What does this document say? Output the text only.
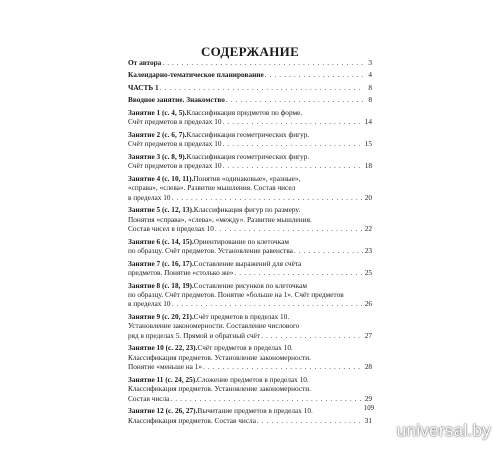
СОДЕРЖАНИЕ
От автора . . .	3
Календарно-тематическое планирование . . .	4
ЧАСТЬ 1 . . .	8
Вводное занятие. Знакомство . . .	8
Занятие 1 (с. 4, 5). Классификация предметов по форме.
Счёт предметов в пределах 10 . . .	14
Занятие 2 (с. 6, 7). Классификация геометрических фигур.
Счёт предметов в пределах 10 . . .	15
Занятие 3 (с. 8, 9). Классификация геометрических фигур.
Счёт предметов в пределах 10 . . .	18
Занятие 4 (с. 10, 11). Понятия «одинаковые», «разные»,
«справа», «слева». Развитие мышления. Состав чисел
в пределах 10 . . .	20
Занятие 5 (с. 12, 13). Классификация фигур по размеру.
Понятия «справа», «слева», «между». Развитие мышления.
Состав чисел в пределах 10 . . .	22
Занятие 6 (с. 14, 15). Ориентирование по клеточкам
по образцу. Счёт предметов. Установление равенства . . .	23
Занятие 7 (с. 16, 17). Составление выражений для счёта
предметов. Понятие «столько же» . . .	25
Занятие 8 (с. 18, 19). Составление рисунков по клеточкам
по образцу. Счёт предметов. Понятие «больше на 1». Счёт предметов
в пределах 10 . . .	26
Занятие 9 (с. 20, 21). Счёт предметов в пределах 10.
Установление закономерности. Составление числового
ряд в пределах 5. Прямой и обратный счёт . . .	27
Занятие 10 (с. 22, 23). Счёт предметов в пределах 10.
Классификация предметов. Установление закономерности.
Понятие «меньше на 1» . . .	28
Занятие 11 (с. 24, 25). Сложение предметов в пределах 10.
Классификация предметов. Установление закономерности.
Состав числа . . .	29
Занятие 12 (с. 26, 27). Вычитание предметов в пределах 10.
Классификация предметов. Состав числа . . .	31
109
universal.by
